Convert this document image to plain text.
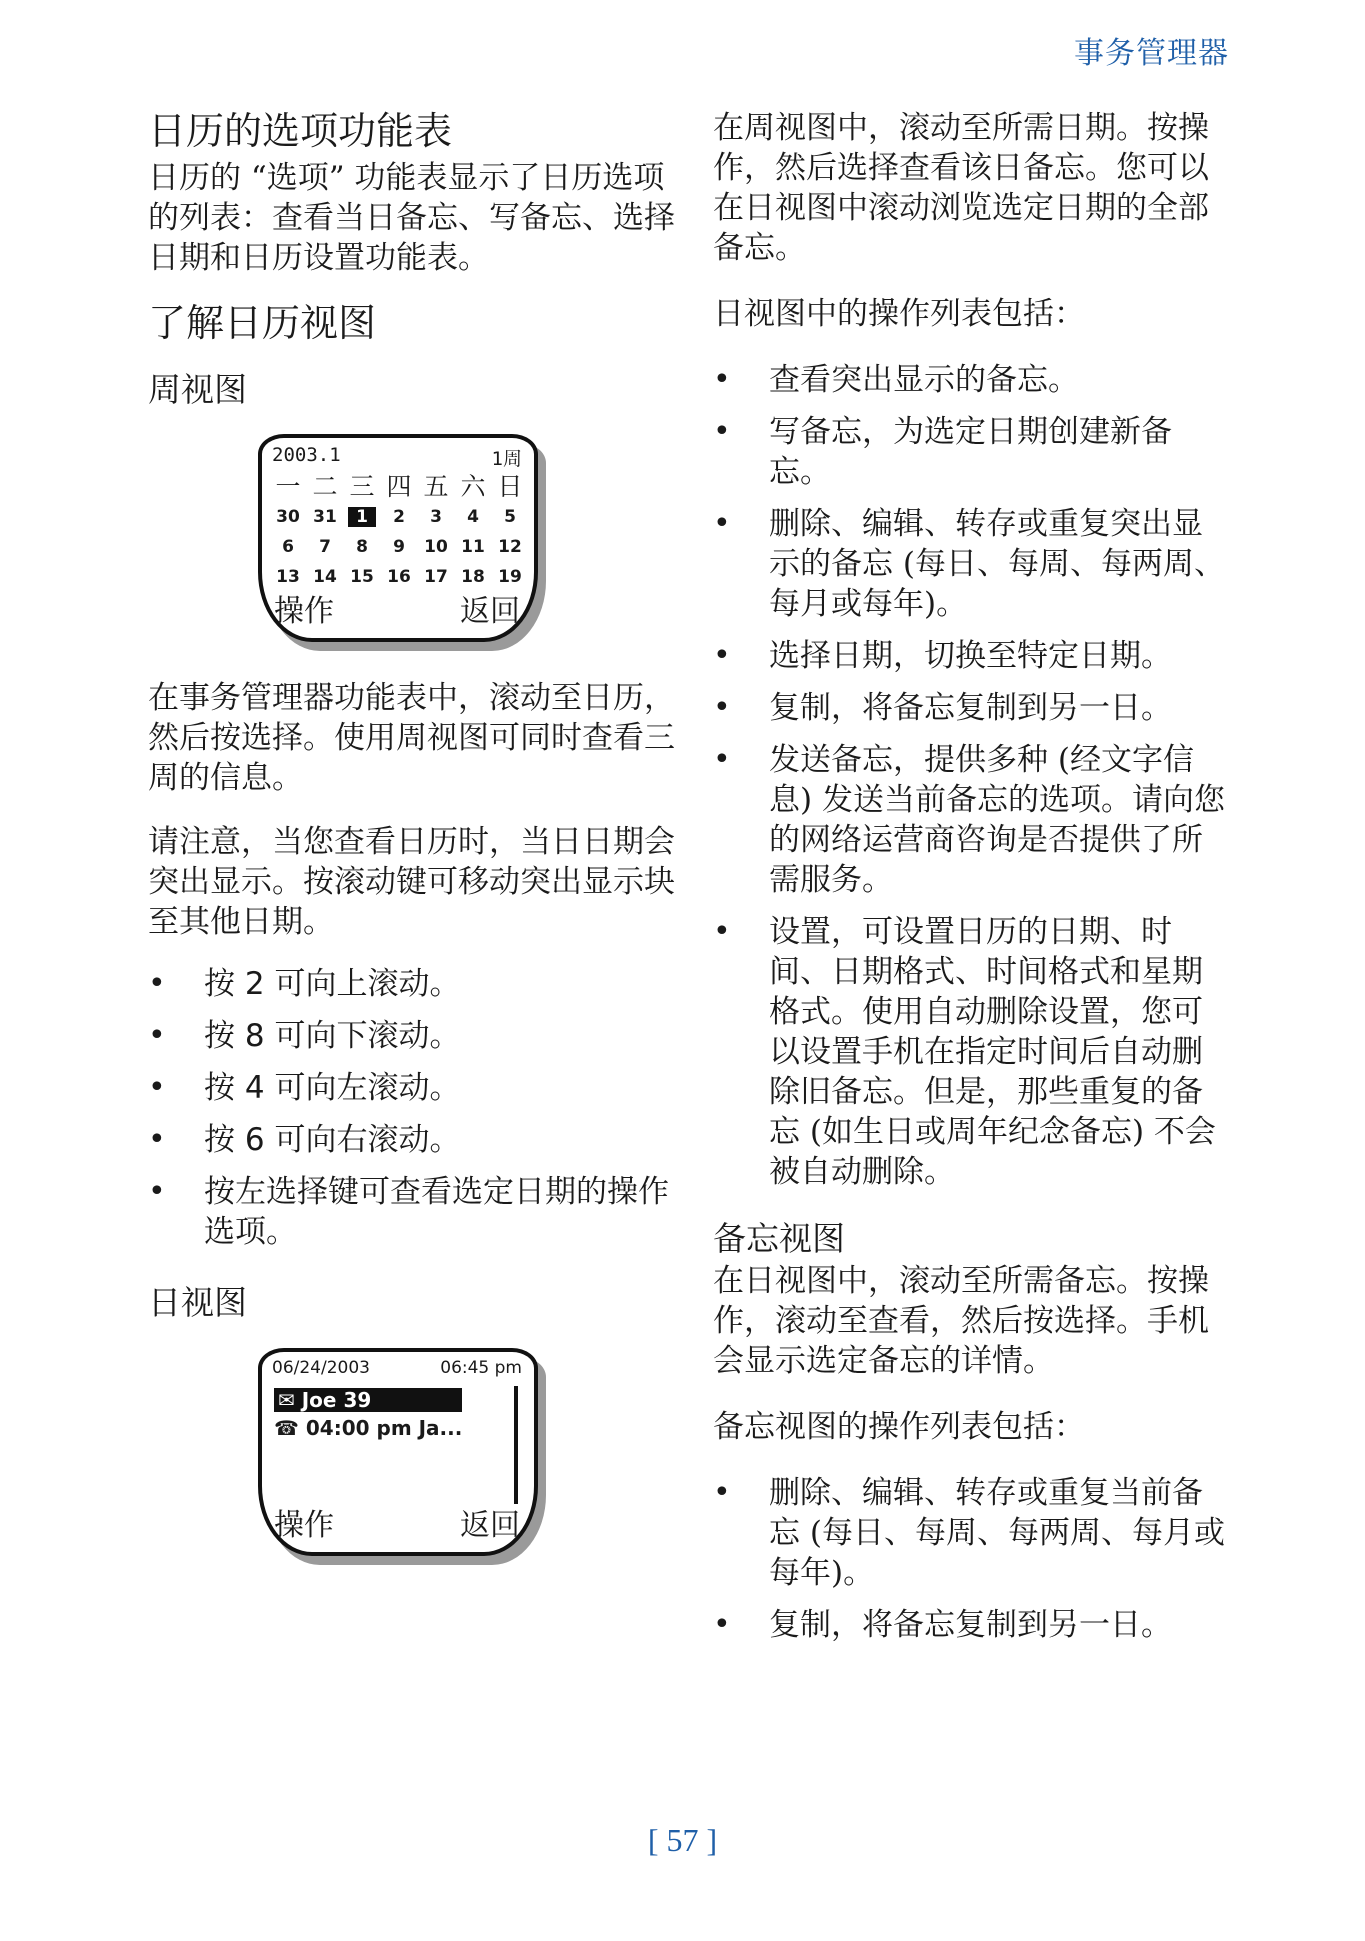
事务管理器
日历的选项功能表

日历的 “选项” 功能表显示了日历选项的列表：查看当日备忘、写备忘、选择日期和日历设置功能表。

了解日历视图
周视图
2003.1	1周
一 二 三 四 五 六 日
30 31	1	2	3	4	5
6	7	8	9	10 11 12
13 14 15 16 17 18 19
操作	返回

在事务管理器功能表中，滚动至日历，然后按选择。使用周视图可同时查看三周的信息。

请注意，当您查看日历时，当日日期会突出显示。按滚动键可移动突出显示块至其他日期。

• 按 2 可向上滚动。
• 按 8 可向下滚动。
• 按 4 可向左滚动。
• 按 6 可向右滚动。
• 按左选择键可查看选定日期的操作选项。
日视图
06/24/2003	06:45 pm
✉ Joe 39
☎ 04:00 pm Ja...
操作	返回

在周视图中，滚动至所需日期。按操作，然后选择查看该日备忘。您可以在日视图中滚动浏览选定日期的全部备忘。

日视图中的操作列表包括：

• 查看突出显示的备忘。
• 写备忘，为选定日期创建新备忘。
• 删除、编辑、转存或重复突出显示的备忘 (每日、每周、每两周、每月或每年)。
• 选择日期，切换至特定日期。
• 复制，将备忘复制到另一日。
• 发送备忘，提供多种 (经文字信息) 发送当前备忘的选项。请向您的网络运营商咨询是否提供了所需服务。
• 设置，可设置日历的日期、时间、日期格式、时间格式和星期格式。使用自动删除设置，您可以设置手机在指定时间后自动删除旧备忘。但是，那些重复的备忘 (如生日或周年纪念备忘) 不会被自动删除。
备忘视图

在日视图中，滚动至所需备忘。按操作，滚动至查看，然后按选择。手机会显示选定备忘的详情。

备忘视图的操作列表包括：

• 删除、编辑、转存或重复当前备忘 (每日、每周、每两周、每月或每年)。
• 复制，将备忘复制到另一日。
[ 57 ]
